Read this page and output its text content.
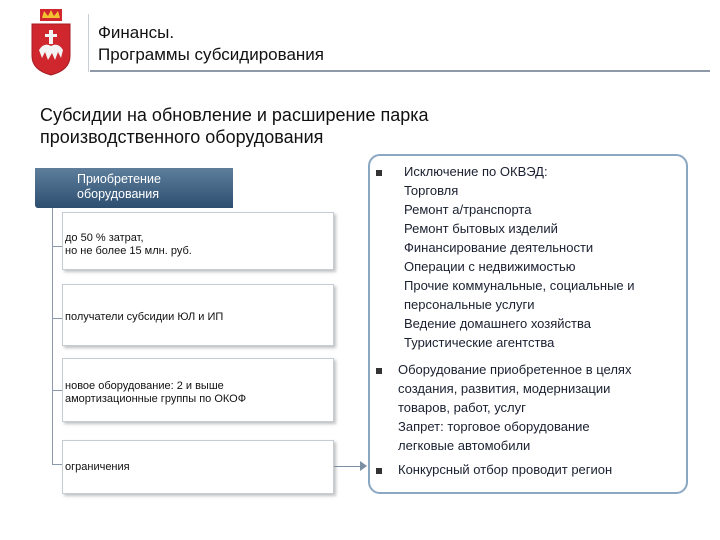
Финансы.
Программы субсидирования
Субсидии на обновление и расширение парка
производственного оборудования
Приобретение
оборудования
до 50 % затрат,
но не более 15 млн. руб.
получатели субсидии ЮЛ и ИП
новое оборудование: 2 и выше
амортизационные группы по ОКОФ
ограничения
Исключение по ОКВЭД:
Торговля
Ремонт а/транспорта
Ремонт бытовых изделий
Финансирование деятельности
Операции с недвижимостью
Прочие коммунальные, социальные и
персональные услуги
Ведение домашнего хозяйства
Туристические агентства
Оборудование приобретенное в целях
создания, развития, модернизации
товаров, работ, услуг
Запрет: торговое оборудование
легковые автомобили
Конкурсный отбор проводит регион
